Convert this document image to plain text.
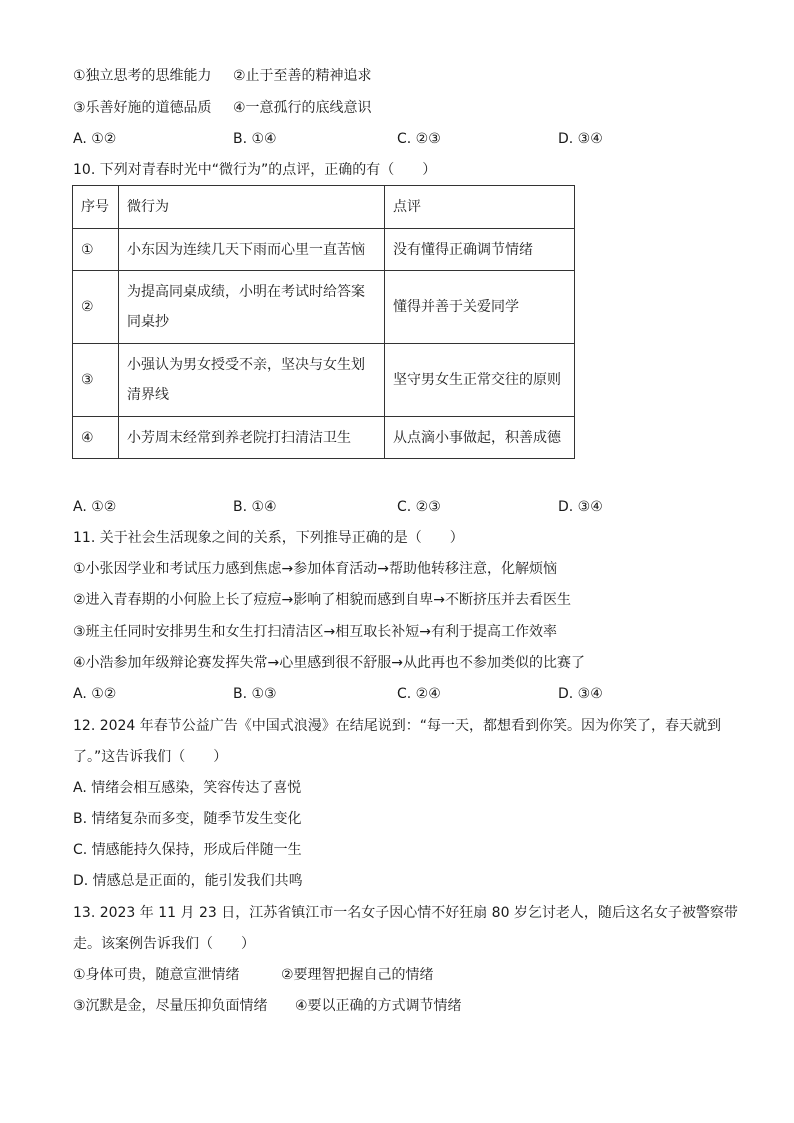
①独立思考的思维能力 ②止于至善的精神追求
③乐善好施的道德品质 ④一意孤行的底线意识
A. ①②	B. ①④	C. ②③	D. ③④
10. 下列对青春时光中“微行为”的点评，正确的有（　　）
序号	微行为	点评
①	小东因为连续几天下雨而心里一直苦恼	没有懂得正确调节情绪
②	为提高同桌成绩，小明在考试时给答案同桌抄	懂得并善于关爱同学
③	小强认为男女授受不亲，坚决与女生划清界线	坚守男女生正常交往的原则
④	小芳周末经常到养老院打扫清洁卫生	从点滴小事做起，积善成德
A. ①②	B. ①④	C. ②③	D. ③④
11. 关于社会生活现象之间的关系，下列推导正确的是（　　）
①小张因学业和考试压力感到焦虑→参加体育活动→帮助他转移注意，化解烦恼
②进入青春期的小何脸上长了痘痘→影响了相貌而感到自卑→不断挤压并去看医生
③班主任同时安排男生和女生打扫清洁区→相互取长补短→有利于提高工作效率
④小浩参加年级辩论赛发挥失常→心里感到很不舒服→从此再也不参加类似的比赛了
A. ①②	B. ①③	C. ②④	D. ③④
12. 2024 年春节公益广告《中国式浪漫》在结尾说到：“每一天，都想看到你笑。因为你笑了，春天就到
了。”这告诉我们（　　）
A. 情绪会相互感染，笑容传达了喜悦
B. 情绪复杂而多变，随季节发生变化
C. 情感能持久保持，形成后伴随一生
D. 情感总是正面的，能引发我们共鸣
13. 2023 年 11 月 23 日，江苏省镇江市一名女子因心情不好狂扇 80 岁乞讨老人，随后这名女子被警察带
走。该案例告诉我们（　　）
①身体可贵，随意宣泄情绪	②要理智把握自己的情绪
③沉默是金，尽量压抑负面情绪 ④要以正确的方式调节情绪
